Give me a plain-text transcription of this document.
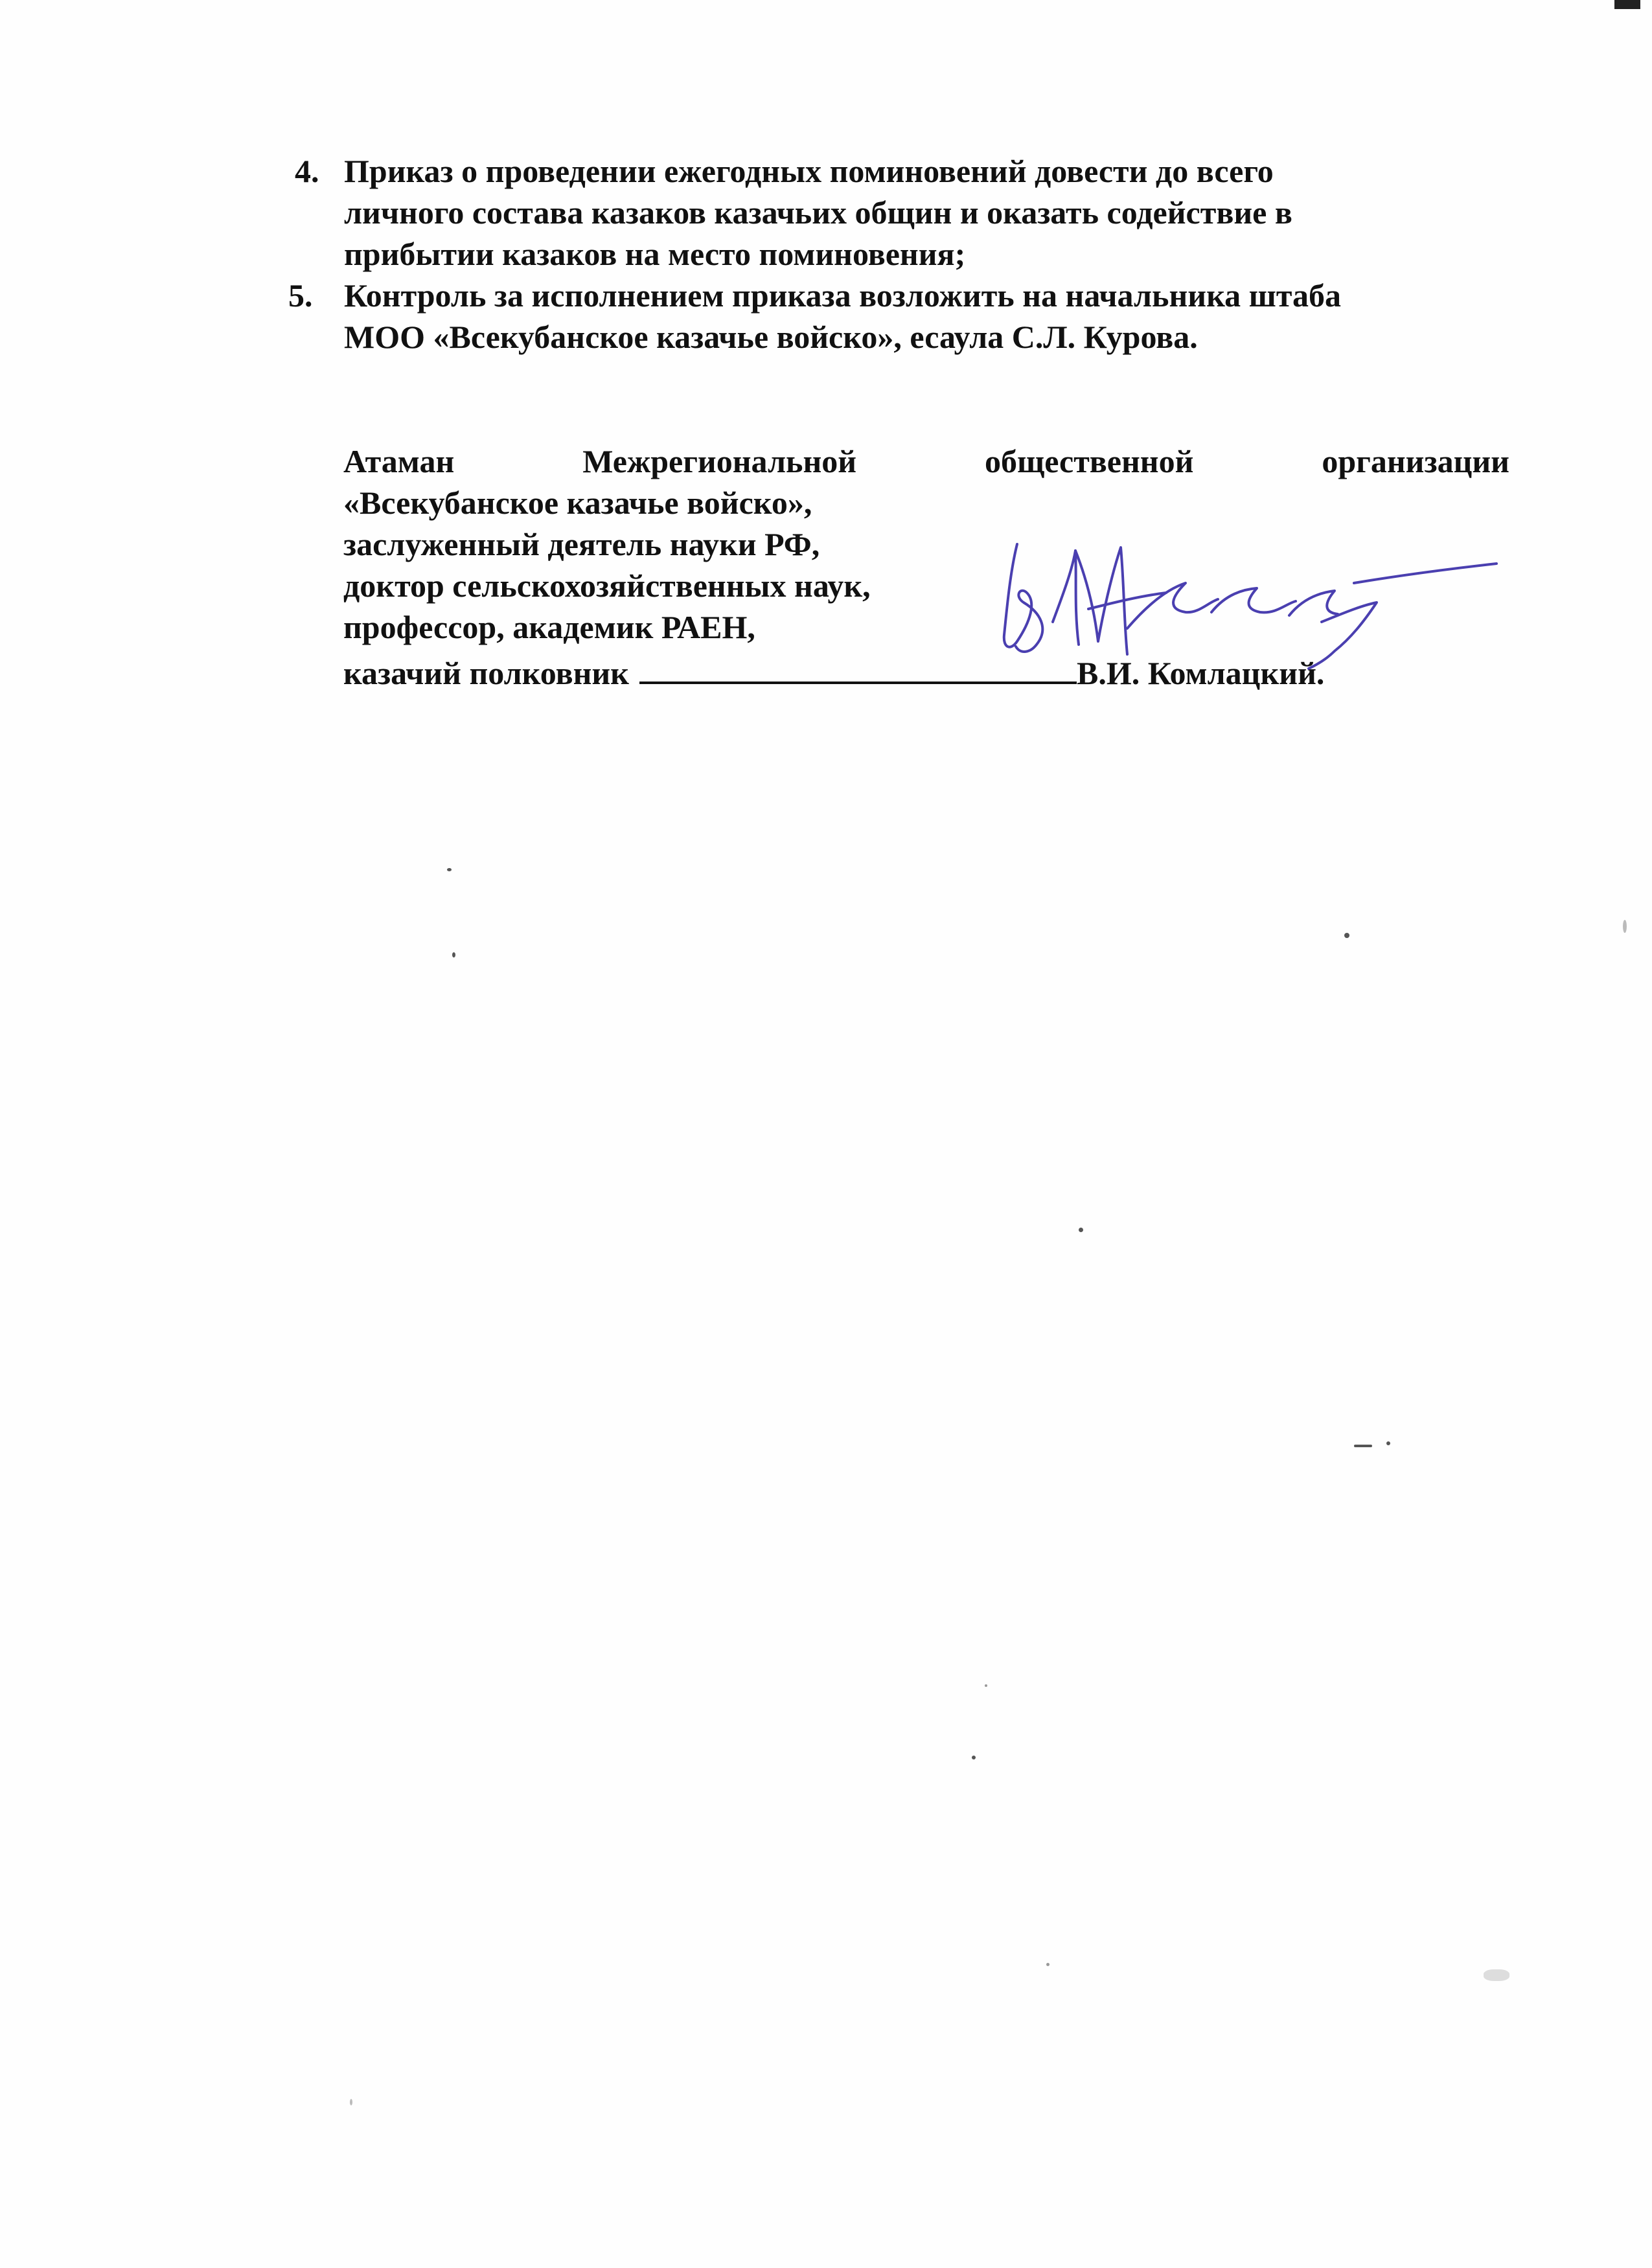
4. Приказ о проведении ежегодных поминовений довести до всего
личного состава казаков казачьих общин и оказать содействие в
прибытии казаков на место поминовения;
5. Контроль за исполнением приказа возложить на начальника штаба
МОО «Всекубанское казачье войско», есаула С.Л. Курова.
Атаман	Межрегиональной	общественной	организации
«Всекубанское казачье войско»,
заслуженный деятель науки РФ,
доктор сельскохозяйственных наук,
профессор, академик РАЕН,
казачий полковник	В.И. Комлацкий.
